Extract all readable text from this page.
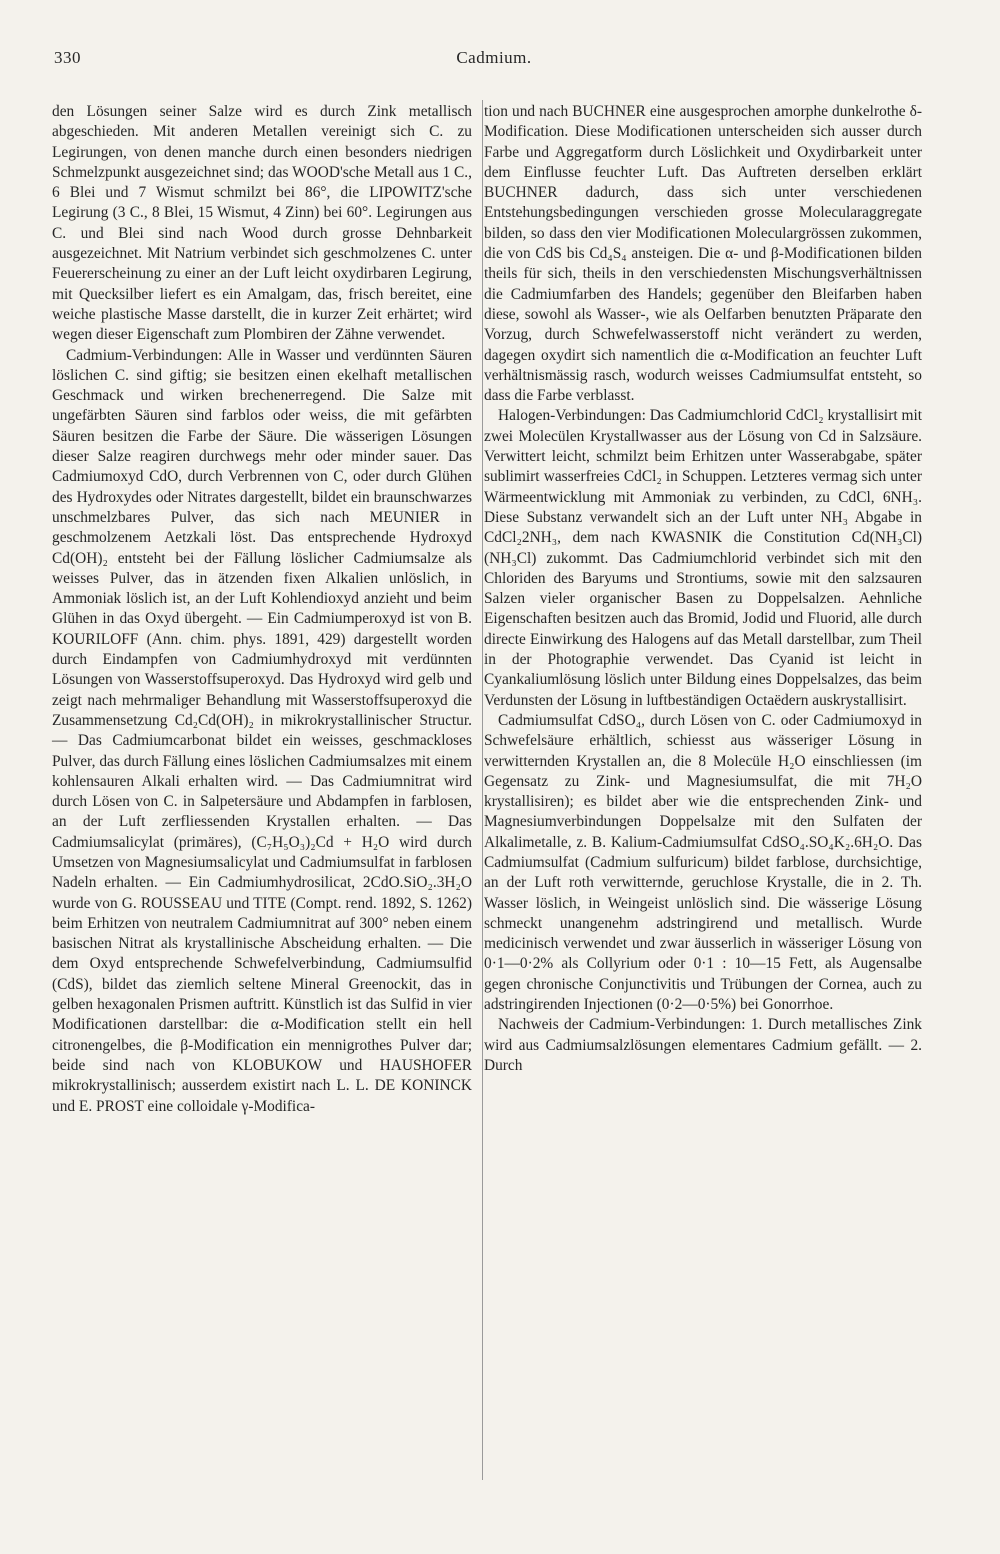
330	Cadmium.

den Lösungen seiner Salze wird es durch Zink metallisch abgeschieden. Mit anderen Metallen vereinigt sich C. zu Legirungen, von denen manche durch einen besonders niedrigen Schmelzpunkt ausgezeichnet sind; das WOOD'sche Metall aus 1 C., 6 Blei und 7 Wismut schmilzt bei 86°, die LIPOWITZ'sche Legirung (3 C., 8 Blei, 15 Wismut, 4 Zinn) bei 60°. Legirungen aus C. und Blei sind nach Wood durch grosse Dehnbarkeit ausgezeichnet. Mit Natrium verbindet sich geschmolzenes C. unter Feuererscheinung zu einer an der Luft leicht oxydirbaren Legirung, mit Quecksilber liefert es ein Amalgam, das, frisch bereitet, eine weiche plastische Masse darstellt, die in kurzer Zeit erhärtet; wird wegen dieser Eigenschaft zum Plombiren der Zähne verwendet.

Cadmium-Verbindungen: Alle in Wasser und verdünnten Säuren löslichen C. sind giftig; sie besitzen einen ekelhaft metallischen Geschmack und wirken brechenerregend. Die Salze mit ungefärbten Säuren sind farblos oder weiss, die mit gefärbten Säuren besitzen die Farbe der Säure. Die wässerigen Lösungen dieser Salze reagiren durchwegs mehr oder minder sauer. Das Cadmiumoxyd CdO, durch Verbrennen von C, oder durch Glühen des Hydroxydes oder Nitrates dargestellt, bildet ein braunschwarzes unschmelzbares Pulver, das sich nach MEUNIER in geschmolzenem Aetzkali löst. Das entsprechende Hydroxyd Cd(OH)₂ entsteht bei der Fällung löslicher Cadmiumsalze als weisses Pulver, das in ätzenden fixen Alkalien unlöslich, in Ammoniak löslich ist, an der Luft Kohlendioxyd anzieht und beim Glühen in das Oxyd übergeht. — Ein Cadmiumperoxyd ist von B. KOURILOFF (Ann. chim. phys. 1891, 429) dargestellt worden durch Eindampfen von Cadmiumhydroxyd mit verdünnten Lösungen von Wasserstoffsuperoxyd. Das Hydroxyd wird gelb und zeigt nach mehrmaliger Behandlung mit Wasserstoffsuperoxyd die Zusammensetzung Cd₂Cd(OH)₂ in mikrokrystallinischer Structur. — Das Cadmiumcarbonat bildet ein weisses, geschmackloses Pulver, das durch Fällung eines löslichen Cadmiumsalzes mit einem kohlensauren Alkali erhalten wird. — Das Cadmiumnitrat wird durch Lösen von C. in Salpetersäure und Abdampfen in farblosen, an der Luft zerfliessenden Krystallen erhalten. — Das Cadmiumsalicylat (primäres), (C₇H₅O₃)₂Cd + H₂O wird durch Umsetzen von Magnesiumsalicylat und Cadmiumsulfat in farblosen Nadeln erhalten. — Ein Cadmiumhydrosilicat, 2CdO.SiO₂.3H₂O wurde von G. ROUSSEAU und TITE (Compt. rend. 1892, S. 1262) beim Erhitzen von neutralem Cadmiumnitrat auf 300° neben einem basischen Nitrat als krystallinische Abscheidung erhalten. — Die dem Oxyd entsprechende Schwefelverbindung, Cadmiumsulfid (CdS), bildet das ziemlich seltene Mineral Greenockit, das in gelben hexagonalen Prismen auftritt. Künstlich ist das Sulfid in vier Modificationen darstellbar: die α-Modification stellt ein hell citronengelbes, die β-Modification ein mennigrothes Pulver dar; beide sind nach von KLOBUKOW und HAUSHOFER mikrokrystallinisch; ausserdem existirt nach L. L. DE KONINCK und E. PROST eine colloidale γ-Modifica-

tion und nach BUCHNER eine ausgesprochen amorphe dunkelrothe δ-Modification. Diese Modificationen unterscheiden sich ausser durch Farbe und Aggregatform durch Löslichkeit und Oxydirbarkeit unter dem Einflusse feuchter Luft. Das Auftreten derselben erklärt BUCHNER dadurch, dass sich unter verschiedenen Entstehungsbedingungen verschieden grosse Molecularaggregate bilden, so dass den vier Modificationen Moleculargrössen zukommen, die von CdS bis Cd₄S₄ ansteigen. Die α- und β-Modificationen bilden theils für sich, theils in den verschiedensten Mischungsverhältnissen die Cadmiumfarben des Handels; gegenüber den Bleifarben haben diese, sowohl als Wasser-, wie als Oelfarben benutzten Präparate den Vorzug, durch Schwefelwasserstoff nicht verändert zu werden, dagegen oxydirt sich namentlich die α-Modification an feuchter Luft verhältnismässig rasch, wodurch weisses Cadmiumsulfat entsteht, so dass die Farbe verblasst.

Halogen-Verbindungen: Das Cadmiumchlorid CdCl₂ krystallisirt mit zwei Molecülen Krystallwasser aus der Lösung von Cd in Salzsäure. Verwittert leicht, schmilzt beim Erhitzen unter Wasserabgabe, später sublimirt wasserfreies CdCl₂ in Schuppen. Letzteres vermag sich unter Wärmeentwicklung mit Ammoniak zu verbinden, zu CdCl, 6NH₃. Diese Substanz verwandelt sich an der Luft unter NH₃ Abgabe in CdCl₂2NH₃, dem nach KWASNIK die Constitution Cd(NH₃Cl)(NH₃Cl) zukommt. Das Cadmiumchlorid verbindet sich mit den Chloriden des Baryums und Strontiums, sowie mit den salzsauren Salzen vieler organischer Basen zu Doppelsalzen. Aehnliche Eigenschaften besitzen auch das Bromid, Jodid und Fluorid, alle durch directe Einwirkung des Halogens auf das Metall darstellbar, zum Theil in der Photographie verwendet. Das Cyanid ist leicht in Cyankaliumlösung löslich unter Bildung eines Doppelsalzes, das beim Verdunsten der Lösung in luftbeständigen Octaëdern auskrystallisirt.

Cadmiumsulfat CdSO₄, durch Lösen von C. oder Cadmiumoxyd in Schwefelsäure erhältlich, schiesst aus wässeriger Lösung in verwitternden Krystallen an, die 8 Molecüle H₂O einschliessen (im Gegensatz zu Zink- und Magnesiumsulfat, die mit 7H₂O krystallisiren); es bildet aber wie die entsprechenden Zink- und Magnesiumverbindungen Doppelsalze mit den Sulfaten der Alkalimetalle, z. B. Kalium-Cadmiumsulfat CdSO₄.SO₄K₂.6H₂O. Das Cadmiumsulfat (Cadmium sulfuricum) bildet farblose, durchsichtige, an der Luft roth verwitternde, geruchlose Krystalle, die in 2. Th. Wasser löslich, in Weingeist unlöslich sind. Die wässerige Lösung schmeckt unangenehm adstringirend und metallisch. Wurde medicinisch verwendet und zwar äusserlich in wässeriger Lösung von 0·1—0·2% als Collyrium oder 0·1 : 10—15 Fett, als Augensalbe gegen chronische Conjunctivitis und Trübungen der Cornea, auch zu adstringirenden Injectionen (0·2—0·5%) bei Gonorrhoe.

Nachweis der Cadmium-Verbindungen: 1. Durch metallisches Zink wird aus Cadmiumsalzlösungen elementares Cadmium gefällt. — 2. Durch
